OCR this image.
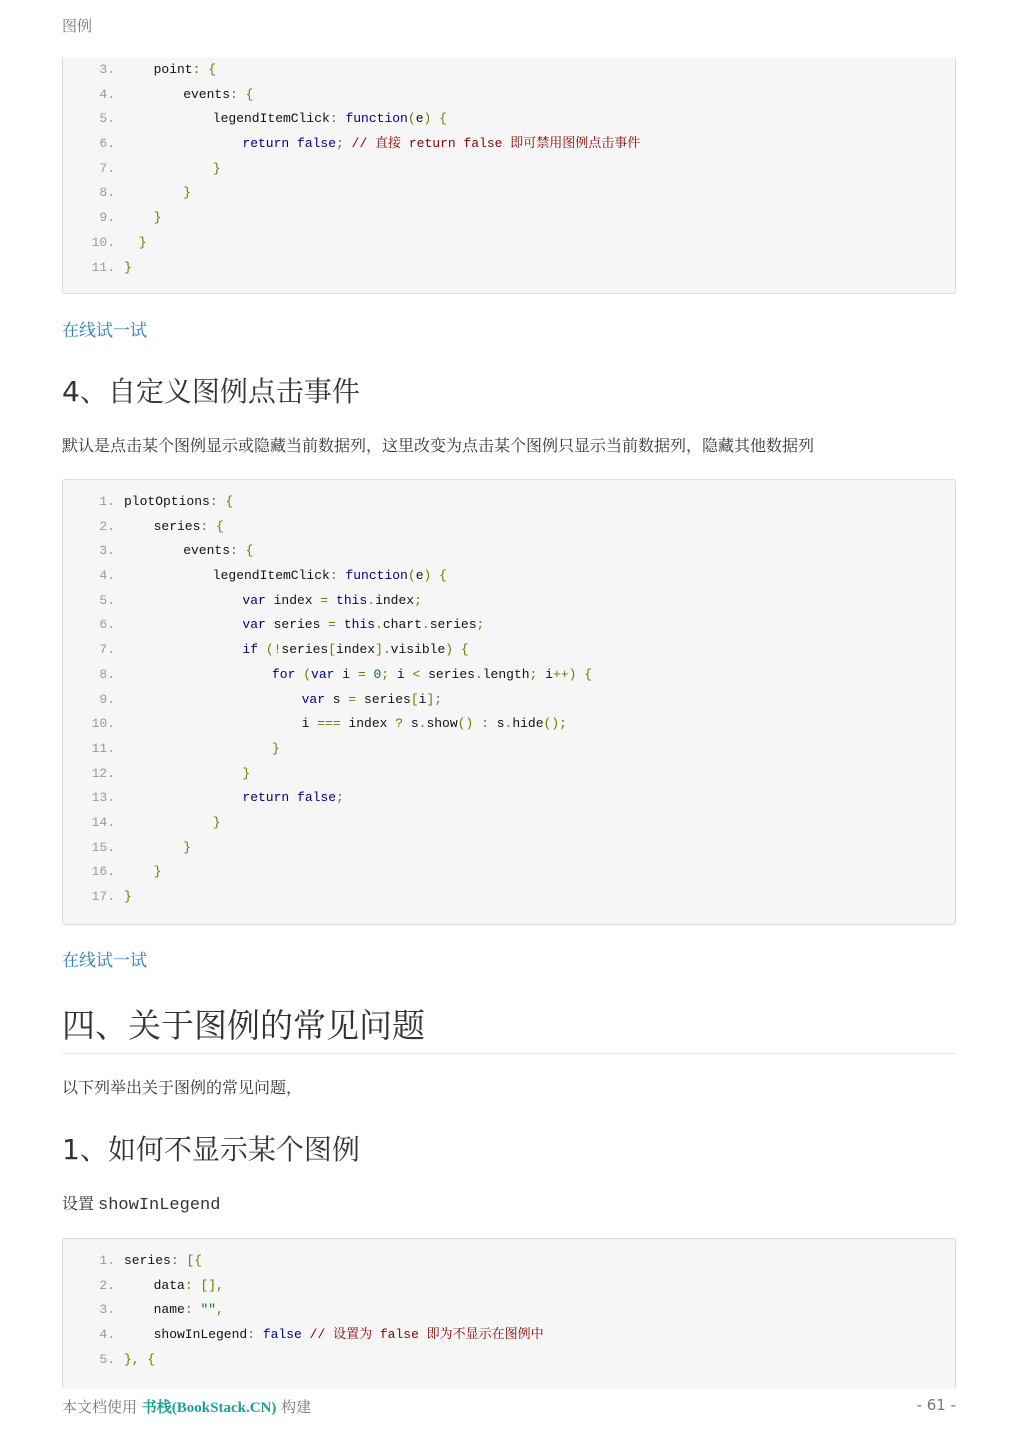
图例
3.	point: {
4.	events: {
5.	legendItemClick: function(e) {
6.	return false; // 直接 return false 即可禁用图例点击事件
7.	}
8.	}
9.	}
10. }
11. }
在线试一试
4、自定义图例点击事件

默认是点击某个图例显示或隐藏当前数据列，这里改变为点击某个图例只显示当前数据列，隐藏其他数据列

1. plotOptions: {
2.	series: {
3.	events: {
4.	legendItemClick: function(e) {
5.	var index = this.index;
6.	var series = this.chart.series;
7.	if (!series[index].visible) {
8.	for (var i = 0; i < series.length; i++) {
9.	var s = series[i];
10.	i === index ? s.show() : s.hide();
11.	}
12.	}
13.	return false;
14.	}
15.	}
16.	}
17. }
在线试一试
四、关于图例的常见问题

以下列举出关于图例的常见问题，

1、如何不显示某个图例

设置 showInLegend

1. series: [{
2.	data: [],
3.	name: "",
4.	showInLegend: false // 设置为 false 即为不显示在图例中
5. }, {
本文档使用 书栈(BookStack.CN) 构建	- 61 -
